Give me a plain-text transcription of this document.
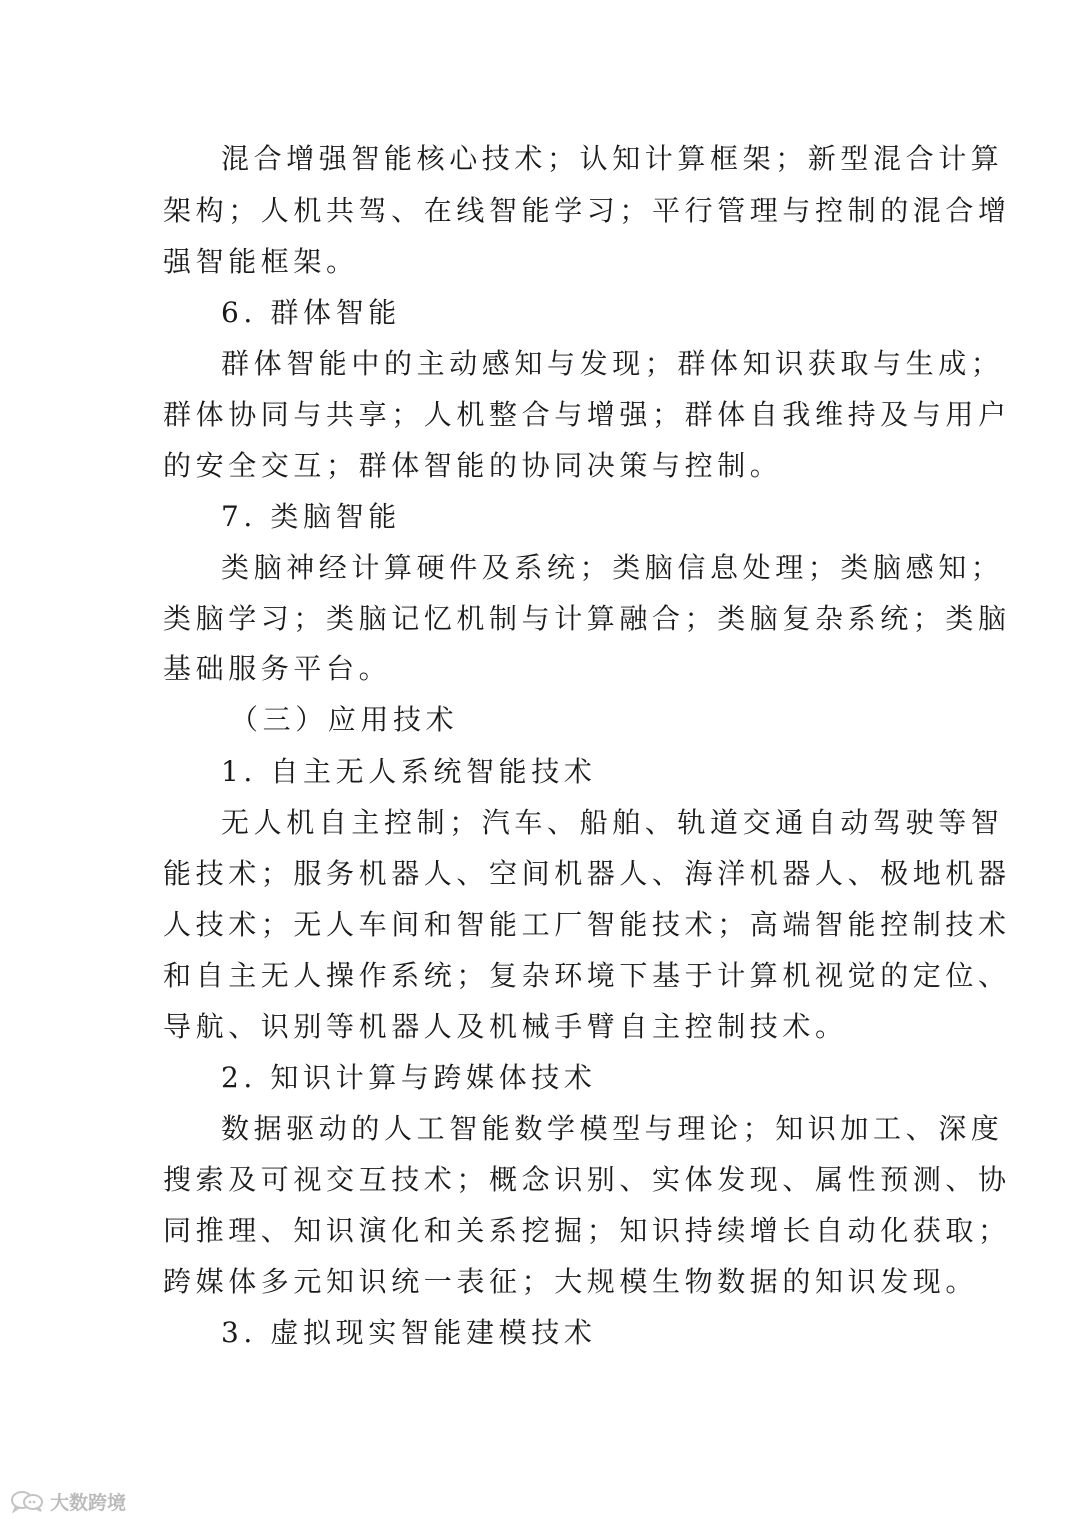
混合增强智能核心技术；认知计算框架；新型混合计算
架构；人机共驾、在线智能学习；平行管理与控制的混合增
强智能框架。
6. 群体智能
群体智能中的主动感知与发现；群体知识获取与生成；
群体协同与共享；人机整合与增强；群体自我维持及与用户
的安全交互；群体智能的协同决策与控制。
7. 类脑智能
类脑神经计算硬件及系统；类脑信息处理；类脑感知；
类脑学习；类脑记忆机制与计算融合；类脑复杂系统；类脑
基础服务平台。
（三）应用技术
1. 自主无人系统智能技术
无人机自主控制；汽车、船舶、轨道交通自动驾驶等智
能技术；服务机器人、空间机器人、海洋机器人、极地机器
人技术；无人车间和智能工厂智能技术；高端智能控制技术
和自主无人操作系统；复杂环境下基于计算机视觉的定位、
导航、识别等机器人及机械手臂自主控制技术。
2. 知识计算与跨媒体技术
数据驱动的人工智能数学模型与理论；知识加工、深度
搜索及可视交互技术；概念识别、实体发现、属性预测、协
同推理、知识演化和关系挖掘；知识持续增长自动化获取；
跨媒体多元知识统一表征；大规模生物数据的知识发现。
3. 虚拟现实智能建模技术
大数跨境
